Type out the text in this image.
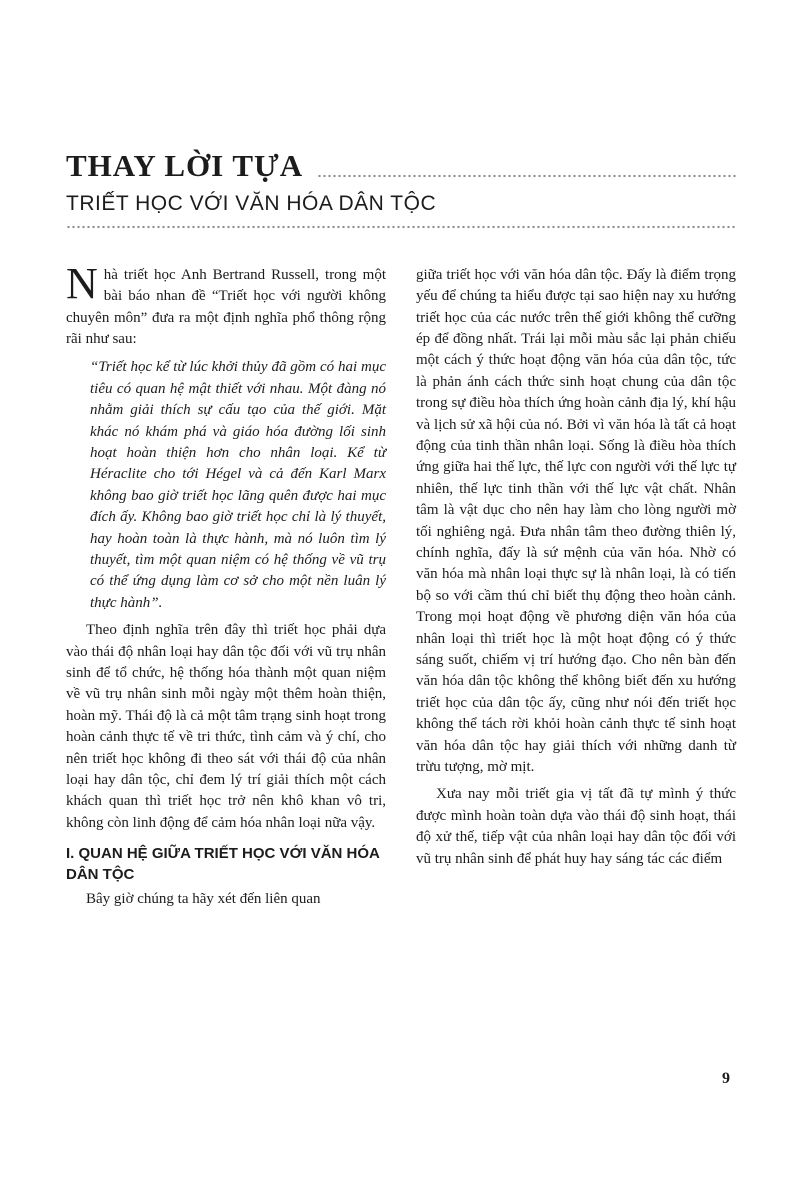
THAY LỜI TỰA
TRIẾT HỌC VỚI VĂN HÓA DÂN TỘC

Nhà triết học Anh Bertrand Russell, trong một bài báo nhan đề “Triết học với người không chuyên môn” đưa ra một định nghĩa phổ thông rộng rãi như sau:

“Triết học kể từ lúc khởi thủy đã gồm có hai mục tiêu có quan hệ mật thiết với nhau. Một đàng nó nhằm giải thích sự cấu tạo của thế giới. Mặt khác nó khám phá và giáo hóa đường lối sinh hoạt hoàn thiện hơn cho nhân loại. Kể từ Héraclite cho tới Hégel và cả đến Karl Marx không bao giờ triết học lãng quên được hai mục đích ấy. Không bao giờ triết học chỉ là lý thuyết, hay hoàn toàn là thực hành, mà nó luôn tìm lý thuyết, tìm một quan niệm có hệ thống về vũ trụ có thể ứng dụng làm cơ sở cho một nền luân lý thực hành”.

Theo định nghĩa trên đây thì triết học phải dựa vào thái độ nhân loại hay dân tộc đối với vũ trụ nhân sinh để tổ chức, hệ thống hóa thành một quan niệm về vũ trụ nhân sinh mỗi ngày một thêm hoàn thiện, hoàn mỹ. Thái độ là cả một tâm trạng sinh hoạt trong hoàn cảnh thực tế về tri thức, tình cảm và ý chí, cho nên triết học không đi theo sát với thái độ của nhân loại hay dân tộc, chỉ đem lý trí giải thích một cách khách quan thì triết học trở nên khô khan vô tri, không còn linh động để cảm hóa nhân loại nữa vậy.

I. QUAN HỆ GIỮA TRIẾT HỌC VỚI VĂN HÓA DÂN TỘC

Bây giờ chúng ta hãy xét đến liên quan

giữa triết học với văn hóa dân tộc. Đấy là điểm trọng yếu để chúng ta hiểu được tại sao hiện nay xu hướng triết học của các nước trên thế giới không thể cưỡng ép để đồng nhất. Trái lại mỗi màu sắc lại phản chiếu một cách ý thức hoạt động văn hóa của dân tộc, tức là phản ánh cách thức sinh hoạt chung của dân tộc trong sự điều hòa thích ứng hoàn cảnh địa lý, khí hậu và lịch sử xã hội của nó. Bởi vì văn hóa là tất cả hoạt động của tinh thần nhân loại. Sống là điều hòa thích ứng giữa hai thế lực, thế lực con người với thế lực tự nhiên, thế lực tinh thần với thế lực vật chất. Nhân tâm là vật dục cho nên hay làm cho lòng người mờ tối nghiêng ngả. Đưa nhân tâm theo đường thiên lý, chính nghĩa, đấy là sứ mệnh của văn hóa. Nhờ có văn hóa mà nhân loại thực sự là nhân loại, là có tiến bộ so với cầm thú chỉ biết thụ động theo hoàn cảnh. Trong mọi hoạt động về phương diện văn hóa của nhân loại thì triết học là một hoạt động có ý thức sáng suốt, chiếm vị trí hướng đạo. Cho nên bàn đến văn hóa dân tộc không thể không biết đến xu hướng triết học của dân tộc ấy, cũng như nói đến triết học không thể tách rời khỏi hoàn cảnh thực tế sinh hoạt văn hóa dân tộc hay giải thích với những danh từ trừu tượng, mờ mịt.

Xưa nay mỗi triết gia vị tất đã tự mình ý thức được mình hoàn toàn dựa vào thái độ sinh hoạt, thái độ xử thế, tiếp vật của nhân loại hay dân tộc đối với vũ trụ nhân sinh để phát huy hay sáng tác các điểm

9
